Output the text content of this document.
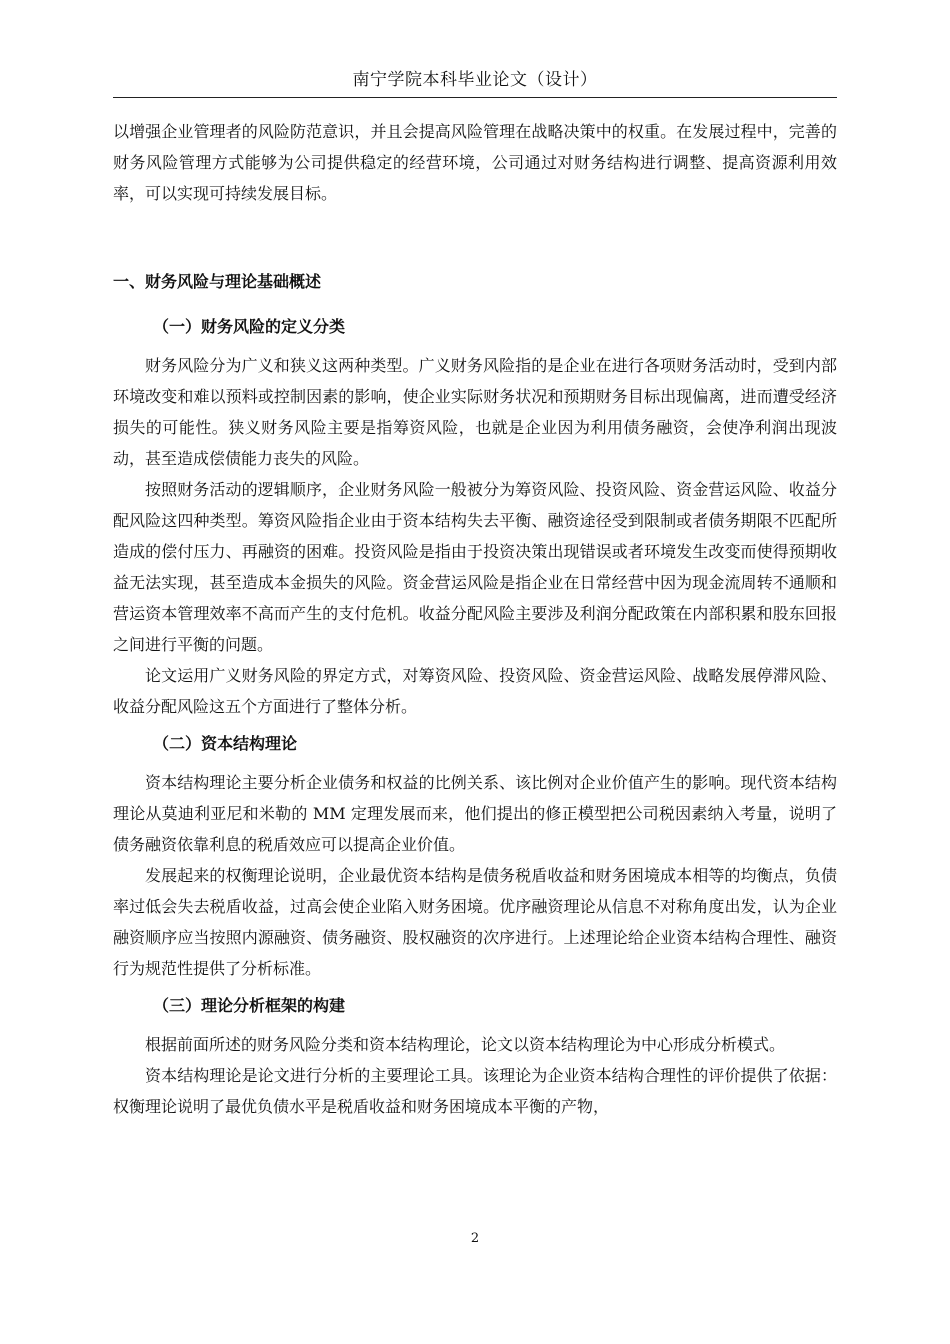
南宁学院本科毕业论文（设计）

以增强企业管理者的风险防范意识，并且会提高风险管理在战略决策中的权重。在发展过程中，完善的财务风险管理方式能够为公司提供稳定的经营环境，公司通过对财务结构进行调整、提高资源利用效率，可以实现可持续发展目标。

一、财务风险与理论基础概述
（一）财务风险的定义分类

财务风险分为广义和狭义这两种类型。广义财务风险指的是企业在进行各项财务活动时，受到内部环境改变和难以预料或控制因素的影响，使企业实际财务状况和预期财务目标出现偏离，进而遭受经济损失的可能性。狭义财务风险主要是指筹资风险，也就是企业因为利用债务融资，会使净利润出现波动，甚至造成偿债能力丧失的风险。

按照财务活动的逻辑顺序，企业财务风险一般被分为筹资风险、投资风险、资金营运风险、收益分配风险这四种类型。筹资风险指企业由于资本结构失去平衡、融资途径受到限制或者债务期限不匹配所造成的偿付压力、再融资的困难。投资风险是指由于投资决策出现错误或者环境发生改变而使得预期收益无法实现，甚至造成本金损失的风险。资金营运风险是指企业在日常经营中因为现金流周转不通顺和营运资本管理效率不高而产生的支付危机。收益分配风险主要涉及利润分配政策在内部积累和股东回报之间进行平衡的问题。

论文运用广义财务风险的界定方式，对筹资风险、投资风险、资金营运风险、战略发展停滞风险、收益分配风险这五个方面进行了整体分析。

（二）资本结构理论

资本结构理论主要分析企业债务和权益的比例关系、该比例对企业价值产生的影响。现代资本结构理论从莫迪利亚尼和米勒的 MM 定理发展而来，他们提出的修正模型把公司税因素纳入考量，说明了债务融资依靠利息的税盾效应可以提高企业价值。

发展起来的权衡理论说明，企业最优资本结构是债务税盾收益和财务困境成本相等的均衡点，负债率过低会失去税盾收益，过高会使企业陷入财务困境。优序融资理论从信息不对称角度出发，认为企业融资顺序应当按照内源融资、债务融资、股权融资的次序进行。上述理论给企业资本结构合理性、融资行为规范性提供了分析标准。

（三）理论分析框架的构建

根据前面所述的财务风险分类和资本结构理论，论文以资本结构理论为中心形成分析模式。

资本结构理论是论文进行分析的主要理论工具。该理论为企业资本结构合理性的评价提供了依据：权衡理论说明了最优负债水平是税盾收益和财务困境成本平衡的产物，

2
